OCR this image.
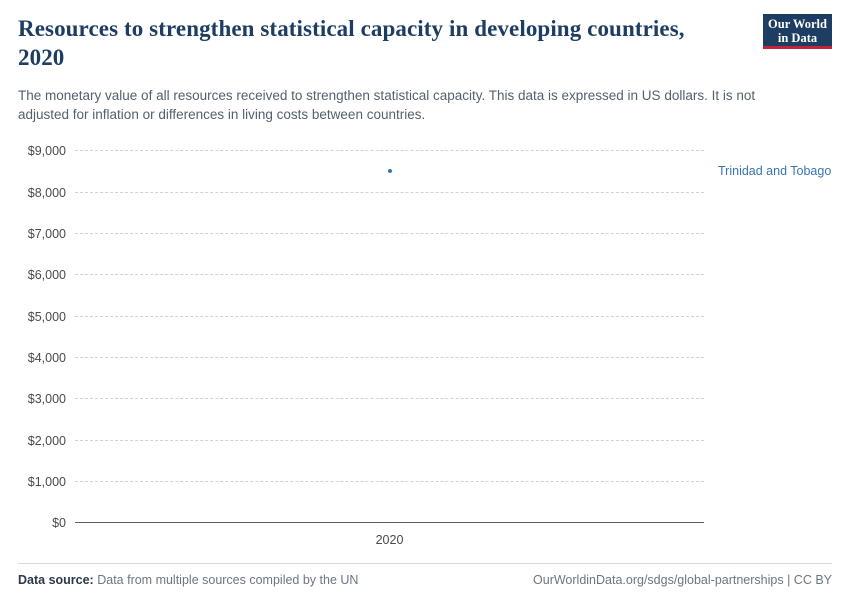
Resources to strengthen statistical capacity in developing countries, 2020

The monetary value of all resources received to strengthen statistical capacity. This data is expressed in US dollars. It is not adjusted for inflation or differences in living costs between countries.

Our World
in Data
$0
$1,000
$2,000
$3,000
$4,000
$5,000
$6,000
$7,000
$8,000
$9,000
2020
Trinidad and Tobago
Data source: Data from multiple sources compiled by the UN	OurWorldinData.org/sdgs/global-partnerships | CC BY
